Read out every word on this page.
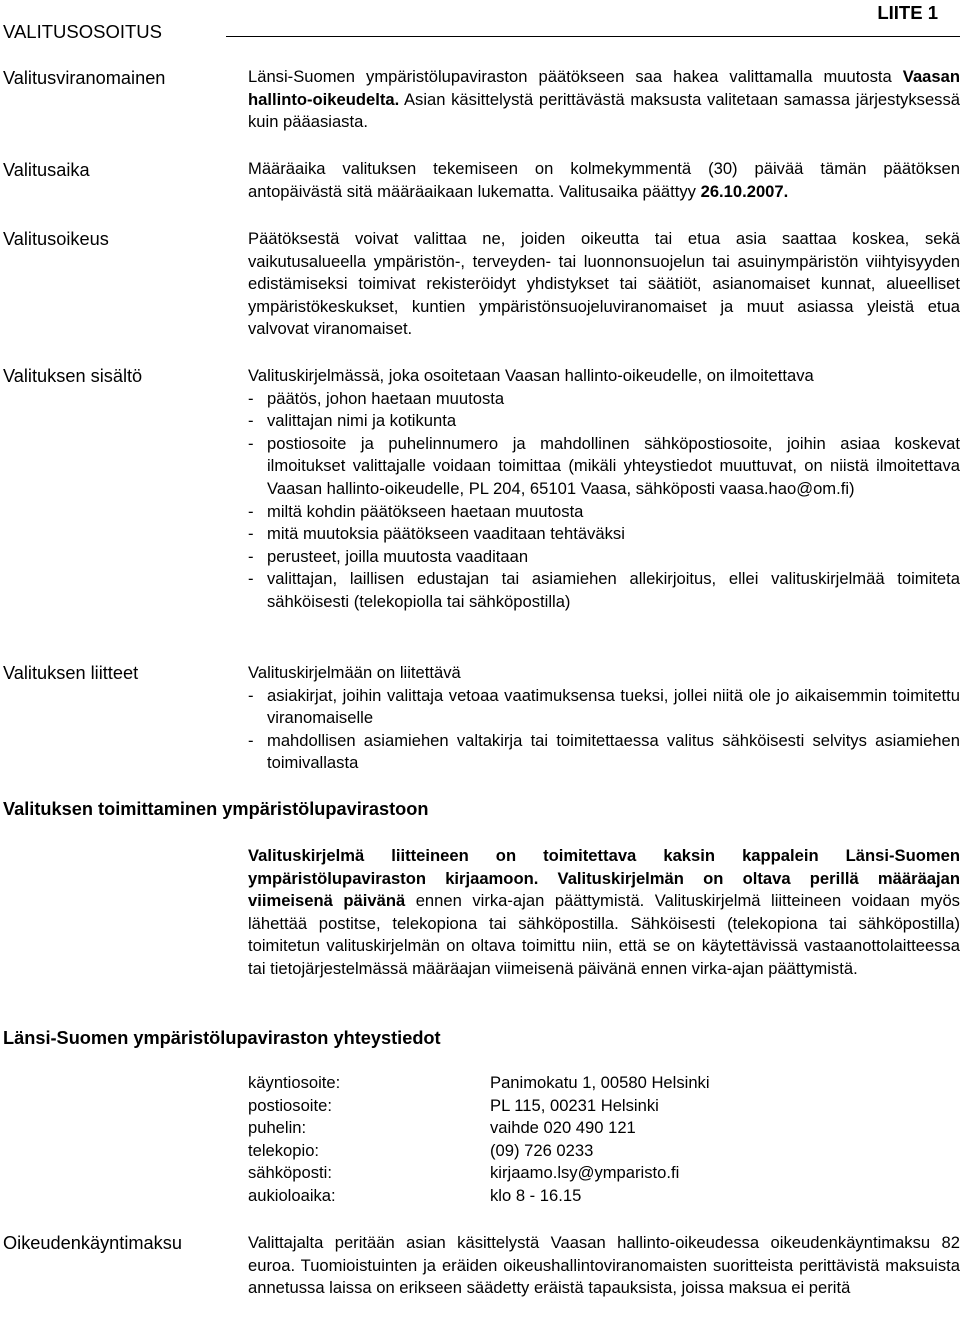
VALITUSOSOITUS
LIITE 1
Valitusviranomainen	Länsi-Suomen ympäristölupaviraston päätökseen saa hakea valittamalla muutosta Vaasan hallinto-oikeudelta. Asian käsittelystä perittävästä maksusta valitetaan samassa järjestyksessä kuin pääasiasta.

Valitusaika	Määräaika valituksen tekemiseen on kolmekymmentä (30) päivää tämän päätöksen antopäivästä sitä määräaikaan lukematta. Valitusaika päättyy 26.10.2007.

Valitusoikeus	Päätöksestä voivat valittaa ne, joiden oikeutta tai etua asia saattaa koskea, sekä vaikutusalueella ympäristön-, terveyden- tai luonnonsuojelun tai asuinympäristön viihtyisyyden edistämiseksi toimivat rekisteröidyt yhdistykset tai säätiöt, asianomaiset kunnat, alueelliset ympäristökeskukset, kuntien ympäristönsuojeluviranomaiset ja muut asiassa yleistä etua valvovat viranomaiset.

Valituksen sisältö	Valituskirjelmässä, joka osoitetaan Vaasan hallinto-oikeudelle, on ilmoitettava

- päätös, johon haetaan muutosta
- valittajan nimi ja kotikunta
- postiosoite ja puhelinnumero ja mahdollinen sähköpostiosoite, joihin asiaa koskevat ilmoitukset valittajalle voidaan toimittaa (mikäli yhteystiedot muuttuvat, on niistä ilmoitettava Vaasan hallinto-oikeudelle, PL 204, 65101 Vaasa, sähköposti vaasa.hao@om.fi)
- miltä kohdin päätökseen haetaan muutosta
- mitä muutoksia päätökseen vaaditaan tehtäväksi
- perusteet, joilla muutosta vaaditaan
- valittajan, laillisen edustajan tai asiamiehen allekirjoitus, ellei valituskirjelmää toimiteta sähköisesti (telekopiolla tai sähköpostilla)
Valituksen liitteet	Valituskirjelmään on liitettävä

- asiakirjat, joihin valittaja vetoaa vaatimuksensa tueksi, jollei niitä ole jo aikaisemmin toimitettu viranomaiselle
- mahdollisen asiamiehen valtakirja tai toimitettaessa valitus sähköisesti selvitys asiamiehen toimivallasta
Valituksen toimittaminen ympäristölupavirastoon

Valituskirjelmä liitteineen on toimitettava kaksin kappalein Länsi-Suomen ympäristölupaviraston kirjaamoon. Valituskirjelmän on oltava perillä määräajan viimeisenä päivänä ennen virka-ajan päättymistä. Valituskirjelmä liitteineen voidaan myös lähettää postitse, telekopiona tai sähköpostilla. Sähköisesti (telekopiona tai sähköpostilla) toimitetun valituskirjelmän on oltava toimittu niin, että se on käytettävissä vastaanottolaitteessa tai tietojärjestelmässä määräajan viimeisenä päivänä ennen virka-ajan päättymistä.

Länsi-Suomen ympäristölupaviraston yhteystiedot
käyntiosoite:	Panimokatu 1, 00580 Helsinki
postiosoite:	PL 115, 00231 Helsinki
puhelin:	vaihde 020 490 121
telekopio:	(09) 726 0233
sähköposti:	kirjaamo.lsy@ymparisto.fi
aukioloaika:	klo 8 - 16.15
Oikeudenkäyntimaksu	Valittajalta peritään asian käsittelystä Vaasan hallinto-oikeudessa oikeudenkäyntimaksu 82 euroa. Tuomioistuinten ja eräiden oikeushallintoviranomaisten suoritteista perittävistä maksuista annetussa laissa on erikseen säädetty eräistä tapauksista, joissa maksua ei peritä
